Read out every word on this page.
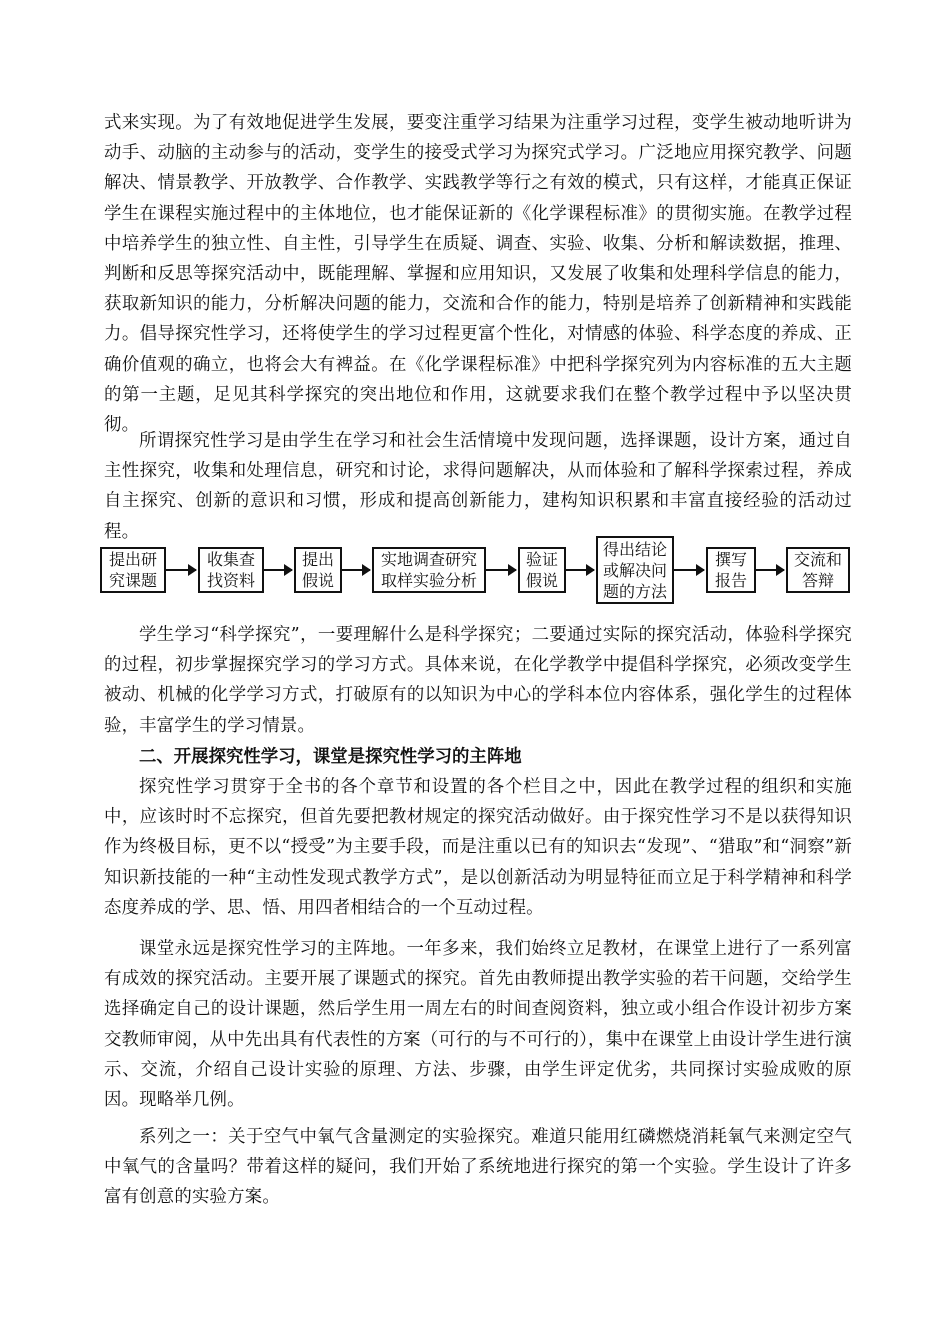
式来实现。为了有效地促进学生发展，要变注重学习结果为注重学习过程，变学生被动地听讲为动手、动脑的主动参与的活动，变学生的接受式学习为探究式学习。广泛地应用探究教学、问题解决、情景教学、开放教学、合作教学、实践教学等行之有效的模式，只有这样，才能真正保证学生在课程实施过程中的主体地位，也才能保证新的《化学课程标准》的贯彻实施。在教学过程中培养学生的独立性、自主性，引导学生在质疑、调查、实验、收集、分析和解读数据，推理、判断和反思等探究活动中，既能理解、掌握和应用知识，又发展了收集和处理科学信息的能力，获取新知识的能力，分析解决问题的能力，交流和合作的能力，特别是培养了创新精神和实践能力。倡导探究性学习，还将使学生的学习过程更富个性化，对情感的体验、科学态度的养成、正确价值观的确立，也将会大有裨益。在《化学课程标准》中把科学探究列为内容标准的五大主题的第一主题，足见其科学探究的突出地位和作用，这就要求我们在整个教学过程中予以坚决贯彻。

所谓探究性学习是由学生在学习和社会生活情境中发现问题，选择课题，设计方案，通过自主性探究，收集和处理信息，研究和讨论，求得问题解决，从而体验和了解科学探索过程，养成自主探究、创新的意识和习惯，形成和提高创新能力，建构知识积累和丰富直接经验的活动过程。

提出研
究课题
收集查
找资料
提出
假说
实地调查研究
取样实验分析
验证
假说
得出结论
或解决问
题的方法
撰写
报告
交流和
答辩

学生学习“科学探究”，一要理解什么是科学探究；二要通过实际的探究活动，体验科学探究的过程，初步掌握探究学习的学习方式。具体来说，在化学教学中提倡科学探究，必须改变学生被动、机械的化学学习方式，打破原有的以知识为中心的学科本位内容体系，强化学生的过程体验，丰富学生的学习情景。

二、开展探究性学习，课堂是探究性学习的主阵地

探究性学习贯穿于全书的各个章节和设置的各个栏目之中，因此在教学过程的组织和实施中，应该时时不忘探究，但首先要把教材规定的探究活动做好。由于探究性学习不是以获得知识作为终极目标，更不以“授受”为主要手段，而是注重以已有的知识去“发现”、“猎取”和“洞察”新知识新技能的一种“主动性发现式教学方式”，是以创新活动为明显特征而立足于科学精神和科学态度养成的学、思、悟、用四者相结合的一个互动过程。

课堂永远是探究性学习的主阵地。一年多来，我们始终立足教材，在课堂上进行了一系列富有成效的探究活动。主要开展了课题式的探究。首先由教师提出教学实验的若干问题，交给学生选择确定自己的设计课题，然后学生用一周左右的时间查阅资料，独立或小组合作设计初步方案交教师审阅，从中先出具有代表性的方案（可行的与不可行的），集中在课堂上由设计学生进行演示、交流，介绍自己设计实验的原理、方法、步骤，由学生评定优劣，共同探讨实验成败的原因。现略举几例。

系列之一：关于空气中氧气含量测定的实验探究。难道只能用红磷燃烧消耗氧气来测定空气中氧气的含量吗？带着这样的疑问，我们开始了系统地进行探究的第一个实验。学生设计了许多富有创意的实验方案。
